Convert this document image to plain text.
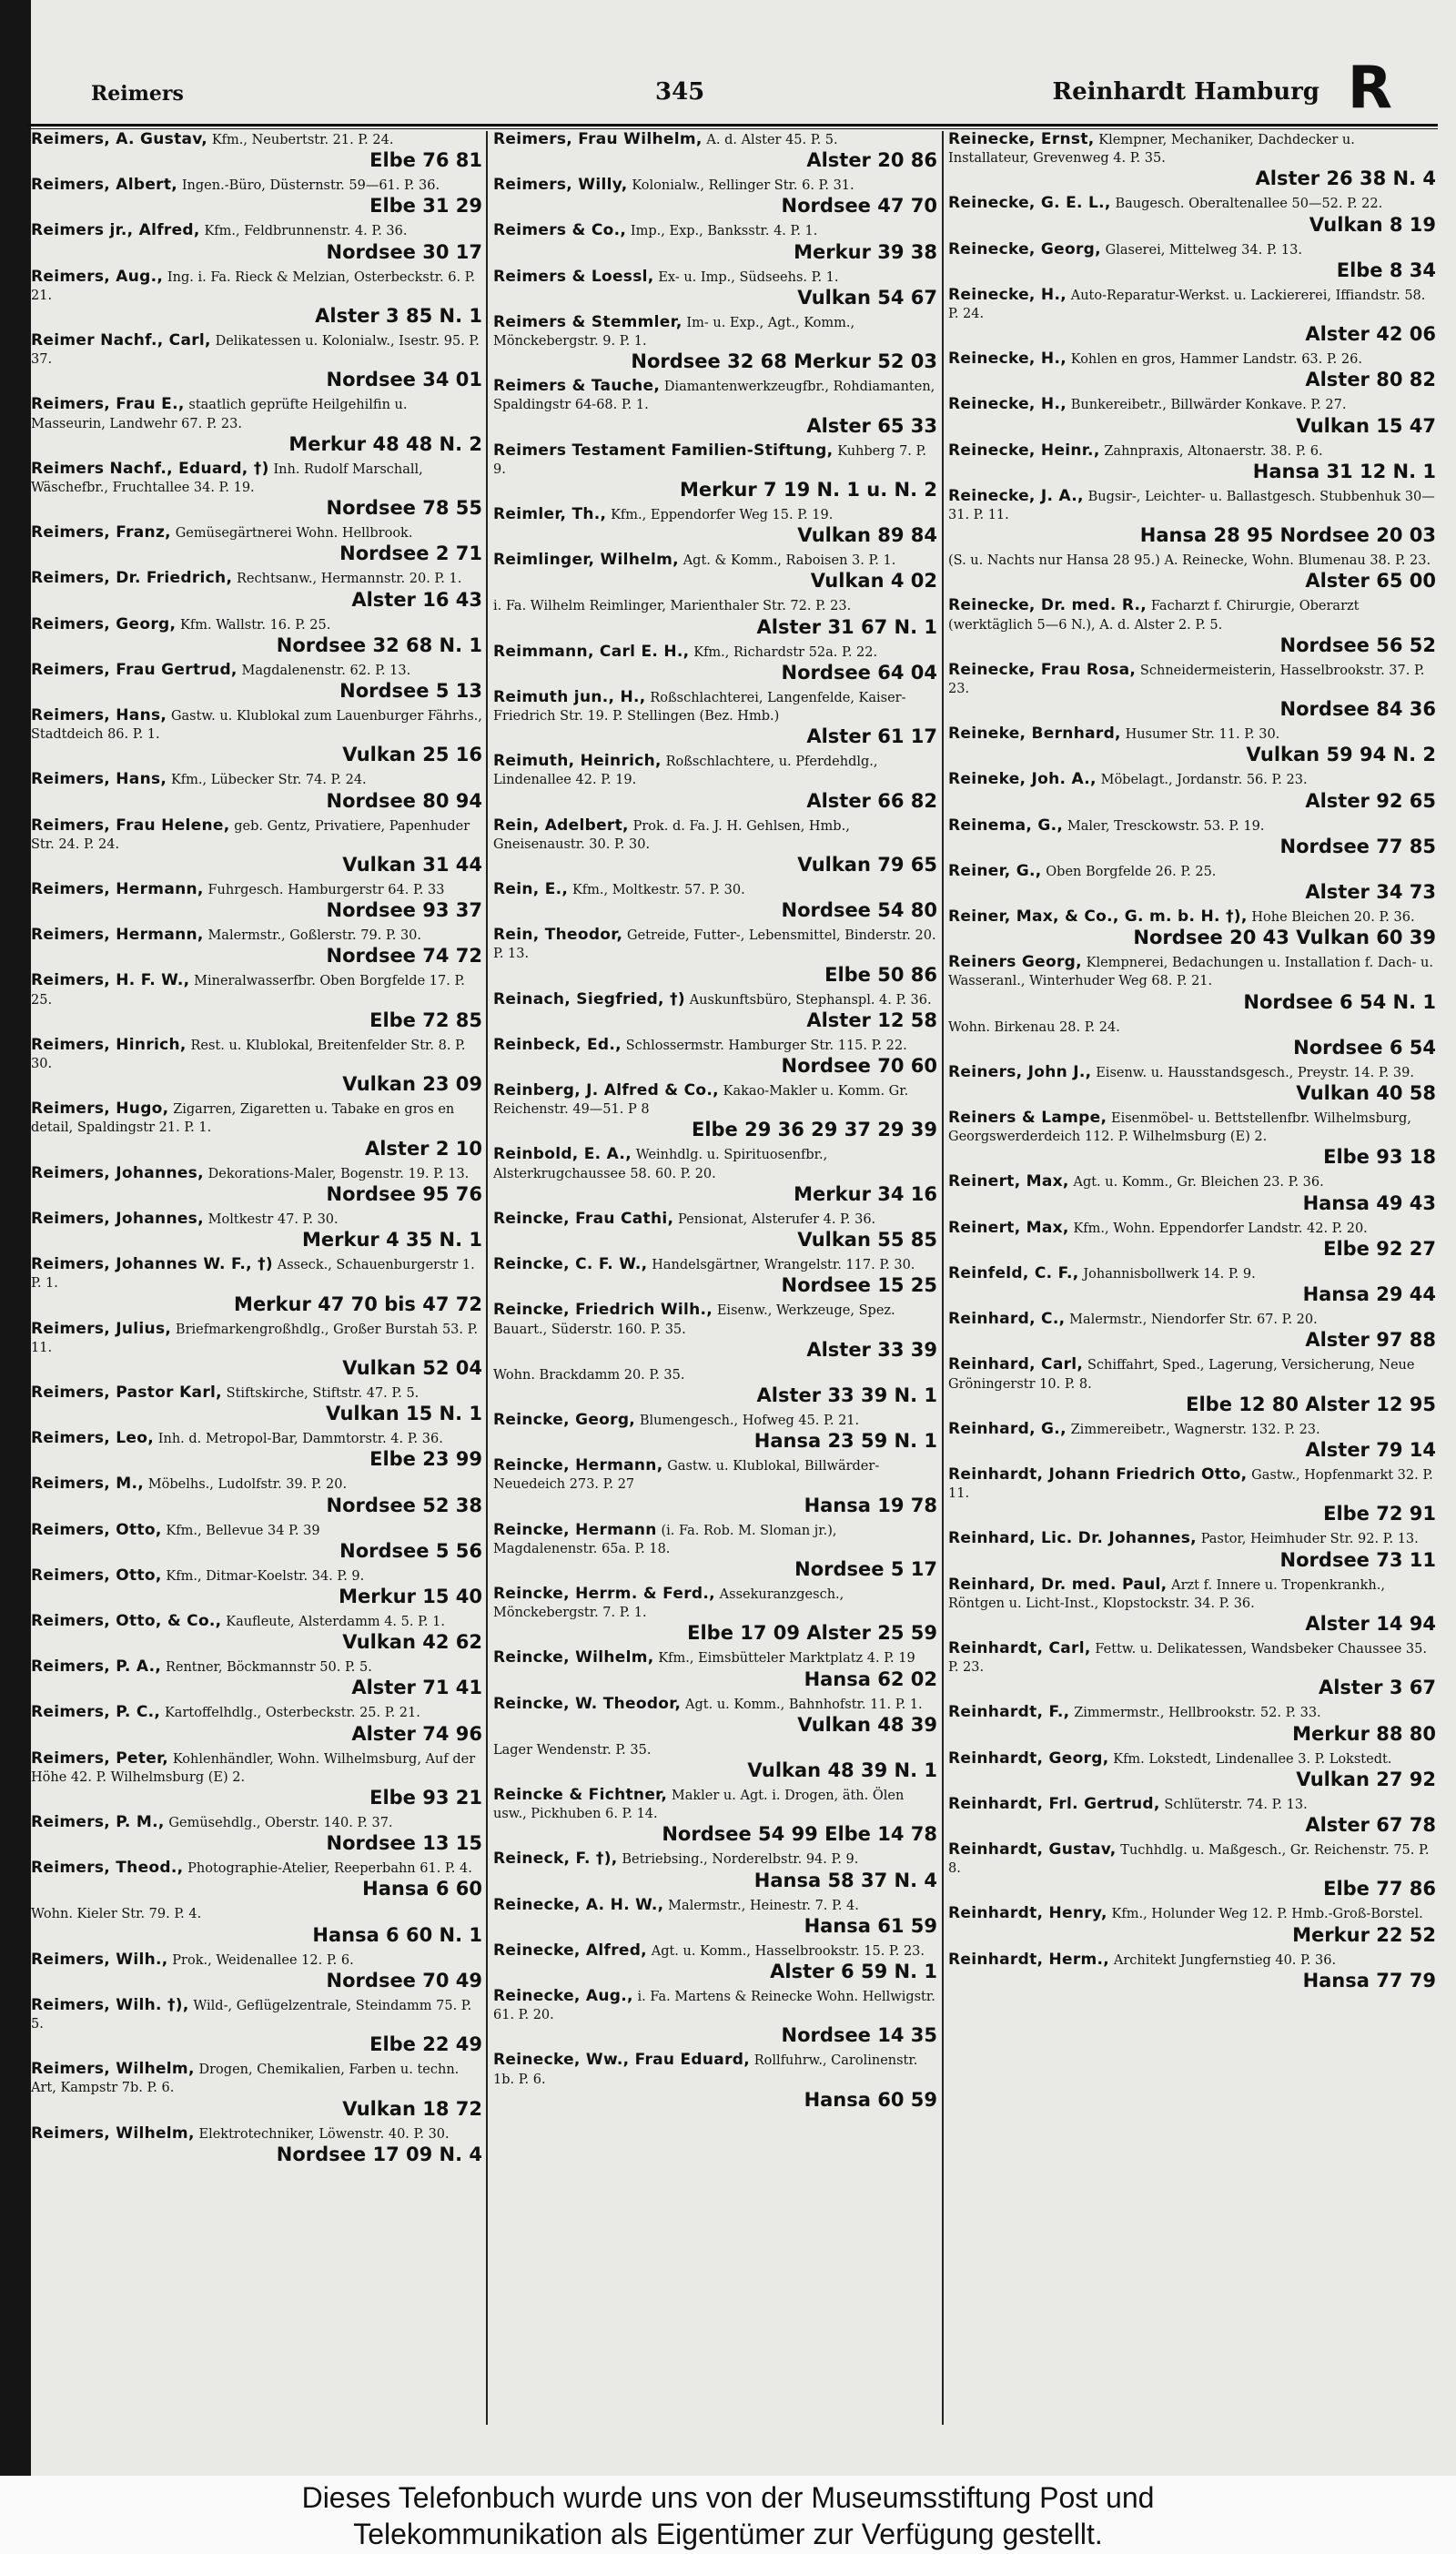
Reimers	345	Reinhardt Hamburg R
Reimers, A. Gustav, Kfm., Neubertstr. 21. P. 24.
Elbe 76 81
Reimers, Albert, Ingen.-Büro, Düsternstr. 59—61. P. 36.
Elbe 31 29
Reimers jr., Alfred, Kfm., Feldbrunnenstr. 4. P. 36.
Nordsee 30 17
Reimers, Aug., Ing. i. Fa. Rieck & Melzian, Osterbeckstr. 6. P. 21.
Alster 3 85 N. 1
Reimer Nachf., Carl, Delikatessen u. Kolonialw., Isestr. 95. P. 37.
Nordsee 34 01
Reimers, Frau E., staatlich geprüfte Heilgehilfin u. Masseurin, Landwehr 67. P. 23.
Merkur 48 48 N. 2
Reimers Nachf., Eduard, †) Inh. Rudolf Marschall, Wäschefbr., Fruchtallee 34. P. 19.
Nordsee 78 55
Reimers, Franz, Gemüsegärtnerei Wohn. Hellbrook.
Nordsee 2 71
Reimers, Dr. Friedrich, Rechtsanw., Hermannstr. 20. P. 1.
Alster 16 43
Reimers, Georg, Kfm. Wallstr. 16. P. 25.
Nordsee 32 68 N. 1
Reimers, Frau Gertrud, Magdalenenstr. 62. P. 13.
Nordsee 5 13
Reimers, Hans, Gastw. u. Klublokal zum Lauenburger Fährhs., Stadtdeich 86. P. 1.
Vulkan 25 16
Reimers, Hans, Kfm., Lübecker Str. 74. P. 24.
Nordsee 80 94
Reimers, Frau Helene, geb. Gentz, Privatiere, Papenhuder Str. 24. P. 24.
Vulkan 31 44
Reimers, Hermann, Fuhrgesch. Hamburgerstr 64. P. 33
Nordsee 93 37
Reimers, Hermann, Malermstr., Goßlerstr. 79. P. 30.
Nordsee 74 72
Reimers, H. F. W., Mineralwasserfbr. Oben Borgfelde 17. P. 25.
Elbe 72 85
Reimers, Hinrich, Rest. u. Klublokal, Breitenfelder Str. 8. P. 30.
Vulkan 23 09
Reimers, Hugo, Zigarren, Zigaretten u. Tabake en gros en detail, Spaldingstr 21. P. 1.
Alster 2 10
Reimers, Johannes, Dekorations-Maler, Bogenstr. 19. P. 13.
Nordsee 95 76
Reimers, Johannes, Moltkestr 47. P. 30.
Merkur 4 35 N. 1
Reimers, Johannes W. F., †) Asseck., Schauenburgerstr 1. P. 1.
Merkur 47 70 bis 47 72
Reimers, Julius, Briefmarkengroßhdlg., Großer Burstah 53. P. 11.
Vulkan 52 04
Reimers, Pastor Karl, Stiftskirche, Stiftstr. 47. P. 5.
Vulkan 15 N. 1
Reimers, Leo, Inh. d. Metropol-Bar, Dammtorstr. 4. P. 36.
Elbe 23 99
Reimers, M., Möbelhs., Ludolfstr. 39. P. 20.
Nordsee 52 38
Reimers, Otto, Kfm., Bellevue 34 P. 39
Nordsee 5 56
Reimers, Otto, Kfm., Ditmar-Koelstr. 34. P. 9.
Merkur 15 40
Reimers, Otto, & Co., Kaufleute, Alsterdamm 4. 5. P. 1.
Vulkan 42 62
Reimers, P. A., Rentner, Böckmannstr 50. P. 5.
Alster 71 41
Reimers, P. C., Kartoffelhdlg., Osterbeckstr. 25. P. 21.
Alster 74 96
Reimers, Peter, Kohlenhändler, Wohn. Wilhelmsburg, Auf der Höhe 42. P. Wilhelmsburg (E) 2.
Elbe 93 21
Reimers, P. M., Gemüsehdlg., Oberstr. 140. P. 37.
Nordsee 13 15
Reimers, Theod., Photographie-Atelier, Reeperbahn 61. P. 4.
Hansa 6 60
Wohn. Kieler Str. 79. P. 4.
Hansa 6 60 N. 1
Reimers, Wilh., Prok., Weidenallee 12. P. 6.
Nordsee 70 49
Reimers, Wilh. †), Wild-, Geflügelzentrale, Steindamm 75. P. 5.
Elbe 22 49
Reimers, Wilhelm, Drogen, Chemikalien, Farben u. techn. Art, Kampstr 7b. P. 6.
Vulkan 18 72
Reimers, Wilhelm, Elektrotechniker, Löwenstr. 40. P. 30.
Nordsee 17 09 N. 4
Reimers, Frau Wilhelm, A. d. Alster 45. P. 5.
Alster 20 86
Reimers, Willy, Kolonialw., Rellinger Str. 6. P. 31.
Nordsee 47 70
Reimers & Co., Imp., Exp., Banksstr. 4. P. 1.
Merkur 39 38
Reimers & Loessl, Ex- u. Imp., Südseehs. P. 1.
Vulkan 54 67
Reimers & Stemmler, Im- u. Exp., Agt., Komm., Mönckebergstr. 9. P. 1.
Nordsee 32 68 Merkur 52 03
Reimers & Tauche, Diamantenwerkzeugfbr., Rohdiamanten, Spaldingstr 64-68. P. 1.
Alster 65 33
Reimers Testament Familien-Stiftung, Kuhberg 7. P. 9.
Merkur 7 19 N. 1 u. N. 2
Reimler, Th., Kfm., Eppendorfer Weg 15. P. 19.
Vulkan 89 84
Reimlinger, Wilhelm, Agt. & Komm., Raboisen 3. P. 1.
Vulkan 4 02
i. Fa. Wilhelm Reimlinger, Marienthaler Str. 72. P. 23.
Alster 31 67 N. 1
Reimmann, Carl E. H., Kfm., Richardstr 52a. P. 22.
Nordsee 64 04
Reimuth jun., H., Roßschlachterei, Langenfelde, Kaiser-Friedrich Str. 19. P. Stellingen (Bez. Hmb.)
Alster 61 17
Reimuth, Heinrich, Roßschlachtere, u. Pferdehdlg., Lindenallee 42. P. 19.
Alster 66 82
Rein, Adelbert, Prok. d. Fa. J. H. Gehlsen, Hmb., Gneisenaustr. 30. P. 30.
Vulkan 79 65
Rein, E., Kfm., Moltkestr. 57. P. 30.
Nordsee 54 80
Rein, Theodor, Getreide, Futter-, Lebensmittel, Binderstr. 20. P. 13.
Elbe 50 86
Reinach, Siegfried, †) Auskunftsbüro, Stephanspl. 4. P. 36.
Alster 12 58
Reinbeck, Ed., Schlossermstr. Hamburger Str. 115. P. 22.
Nordsee 70 60
Reinberg, J. Alfred & Co., Kakao-Makler u. Komm. Gr. Reichenstr. 49—51. P 8
Elbe 29 36 29 37 29 39
Reinbold, E. A., Weinhdlg. u. Spirituosenfbr., Alsterkrugchaussee 58. 60. P. 20.
Merkur 34 16
Reincke, Frau Cathi, Pensionat, Alsterufer 4. P. 36.
Vulkan 55 85
Reincke, C. F. W., Handelsgärtner, Wrangelstr. 117. P. 30.
Nordsee 15 25
Reincke, Friedrich Wilh., Eisenw., Werkzeuge, Spez. Bauart., Süderstr. 160. P. 35.
Alster 33 39
Wohn. Brackdamm 20. P. 35.
Alster 33 39 N. 1
Reincke, Georg, Blumengesch., Hofweg 45. P. 21.
Hansa 23 59 N. 1
Reincke, Hermann, Gastw. u. Klublokal, Billwärder-Neuedeich 273. P. 27
Hansa 19 78
Reincke, Hermann (i. Fa. Rob. M. Sloman jr.), Magdalenenstr. 65a. P. 18.
Nordsee 5 17
Reincke, Herrm. & Ferd., Assekuranzgesch., Mönckebergstr. 7. P. 1.
Elbe 17 09 Alster 25 59
Reincke, Wilhelm, Kfm., Eimsbütteler Marktplatz 4. P. 19
Hansa 62 02
Reincke, W. Theodor, Agt. u. Komm., Bahnhofstr. 11. P. 1.
Vulkan 48 39
Lager Wendenstr. P. 35.
Vulkan 48 39 N. 1
Reincke & Fichtner, Makler u. Agt. i. Drogen, äth. Ölen usw., Pickhuben 6. P. 14.
Nordsee 54 99 Elbe 14 78
Reineck, F. †), Betriebsing., Norderelbstr. 94. P. 9.
Hansa 58 37 N. 4
Reinecke, A. H. W., Malermstr., Heinestr. 7. P. 4.
Hansa 61 59
Reinecke, Alfred, Agt. u. Komm., Hasselbrookstr. 15. P. 23.
Alster 6 59 N. 1
Reinecke, Aug., i. Fa. Martens & Reinecke Wohn. Hellwigstr. 61. P. 20.
Nordsee 14 35
Reinecke, Ww., Frau Eduard, Rollfuhrw., Carolinenstr. 1b. P. 6.
Hansa 60 59
Reinecke, Ernst, Klempner, Mechaniker, Dachdecker u. Installateur, Grevenweg 4. P. 35.
Alster 26 38 N. 4
Reinecke, G. E. L., Baugesch. Oberaltenallee 50—52. P. 22.
Vulkan 8 19
Reinecke, Georg, Glaserei, Mittelweg 34. P. 13.
Elbe 8 34
Reinecke, H., Auto-Reparatur-Werkst. u. Lackiererei, Iffiandstr. 58. P. 24.
Alster 42 06
Reinecke, H., Kohlen en gros, Hammer Landstr. 63. P. 26.
Alster 80 82
Reinecke, H., Bunkereibetr., Billwärder Konkave. P. 27.
Vulkan 15 47
Reinecke, Heinr., Zahnpraxis, Altonaerstr. 38. P. 6.
Hansa 31 12 N. 1
Reinecke, J. A., Bugsir-, Leichter- u. Ballastgesch. Stubbenhuk 30—31. P. 11.
Hansa 28 95 Nordsee 20 03
(S. u. Nachts nur Hansa 28 95.) A. Reinecke, Wohn. Blumenau 38. P. 23.
Alster 65 00
Reinecke, Dr. med. R., Facharzt f. Chirurgie, Oberarzt (werktäglich 5—6 N.), A. d. Alster 2. P. 5.
Nordsee 56 52
Reinecke, Frau Rosa, Schneidermeisterin, Hasselbrookstr. 37. P. 23.
Nordsee 84 36
Reineke, Bernhard, Husumer Str. 11. P. 30.
Vulkan 59 94 N. 2
Reineke, Joh. A., Möbelagt., Jordanstr. 56. P. 23.
Alster 92 65
Reinema, G., Maler, Tresckowstr. 53. P. 19.
Nordsee 77 85
Reiner, G., Oben Borgfelde 26. P. 25.
Alster 34 73
Reiner, Max, & Co., G. m. b. H. †), Hohe Bleichen 20. P. 36.
Nordsee 20 43 Vulkan 60 39
Reiners Georg, Klempnerei, Bedachungen u. Installation f. Dach- u. Wasseranl., Winterhuder Weg 68. P. 21.
Nordsee 6 54 N. 1
Wohn. Birkenau 28. P. 24.
Nordsee 6 54
Reiners, John J., Eisenw. u. Hausstandsgesch., Preystr. 14. P. 39.
Vulkan 40 58
Reiners & Lampe, Eisenmöbel- u. Bettstellenfbr. Wilhelmsburg, Georgswerderdeich 112. P. Wilhelmsburg (E) 2.
Elbe 93 18
Reinert, Max, Agt. u. Komm., Gr. Bleichen 23. P. 36.
Hansa 49 43
Reinert, Max, Kfm., Wohn. Eppendorfer Landstr. 42. P. 20.
Elbe 92 27
Reinfeld, C. F., Johannisbollwerk 14. P. 9.
Hansa 29 44
Reinhard, C., Malermstr., Niendorfer Str. 67. P. 20.
Alster 97 88
Reinhard, Carl, Schiffahrt, Sped., Lagerung, Versicherung, Neue Gröningerstr 10. P. 8.
Elbe 12 80 Alster 12 95
Reinhard, G., Zimmereibetr., Wagnerstr. 132. P. 23.
Alster 79 14
Reinhardt, Johann Friedrich Otto, Gastw., Hopfenmarkt 32. P. 11.
Elbe 72 91
Reinhard, Lic. Dr. Johannes, Pastor, Heimhuder Str. 92. P. 13.
Nordsee 73 11
Reinhard, Dr. med. Paul, Arzt f. Innere u. Tropenkrankh., Röntgen u. Licht-Inst., Klopstockstr. 34. P. 36.
Alster 14 94
Reinhardt, Carl, Fettw. u. Delikatessen, Wandsbeker Chaussee 35. P. 23.
Alster 3 67
Reinhardt, F., Zimmermstr., Hellbrookstr. 52. P. 33.
Merkur 88 80
Reinhardt, Georg, Kfm. Lokstedt, Lindenallee 3. P. Lokstedt.
Vulkan 27 92
Reinhardt, Frl. Gertrud, Schlüterstr. 74. P. 13.
Alster 67 78
Reinhardt, Gustav, Tuchhdlg. u. Maßgesch., Gr. Reichenstr. 75. P. 8.
Elbe 77 86
Reinhardt, Henry, Kfm., Holunder Weg 12. P. Hmb.-Groß-Borstel.
Merkur 22 52
Reinhardt, Herm., Architekt Jungfernstieg 40. P. 36.
Hansa 77 79
Dieses Telefonbuch wurde uns von der Museumsstiftung Post und
Telekommunikation als Eigentümer zur Verfügung gestellt.
